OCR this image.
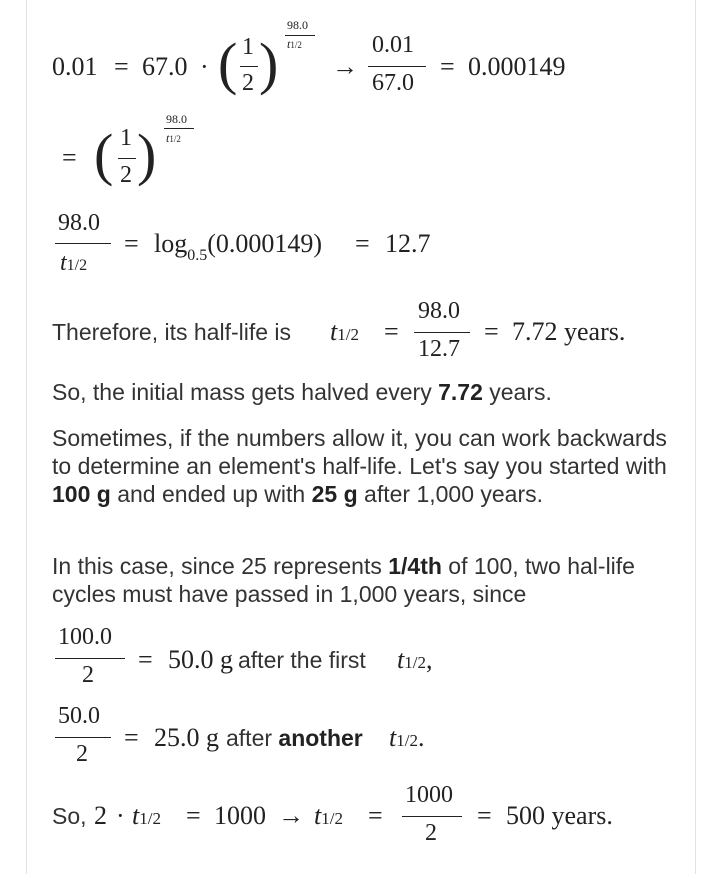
0.01 = 67.0 · ( 1
2 )
98.0
t1/2
→
0.01
67.0
= 0.000149
= ( 1
2 )
98.0
t1/2
98.0
t1/2
= $\log_{0.5}(0.000149) = 12.7$
Therefore, its half-life is t1/2 =
98.0
12.7
= 7.72 years.
So, the initial mass gets halved every 7.72 years.
Sometimes, if the numbers allow it, you can work backwards to determine an element's half-life. Let's say you started with 100 g and ended up with 25 g after 1,000 years.
In this case, since 25 represents 1/4th of 100, two hal-life cycles must have passed in 1,000 years, since
100.0
2
= 50.0 g after the first t1/2,
50.0
2
= 25.0 g after another t1/2.
So, 2 · t1/2 = 1000 → t1/2 =
1000
2
= 500 years.
